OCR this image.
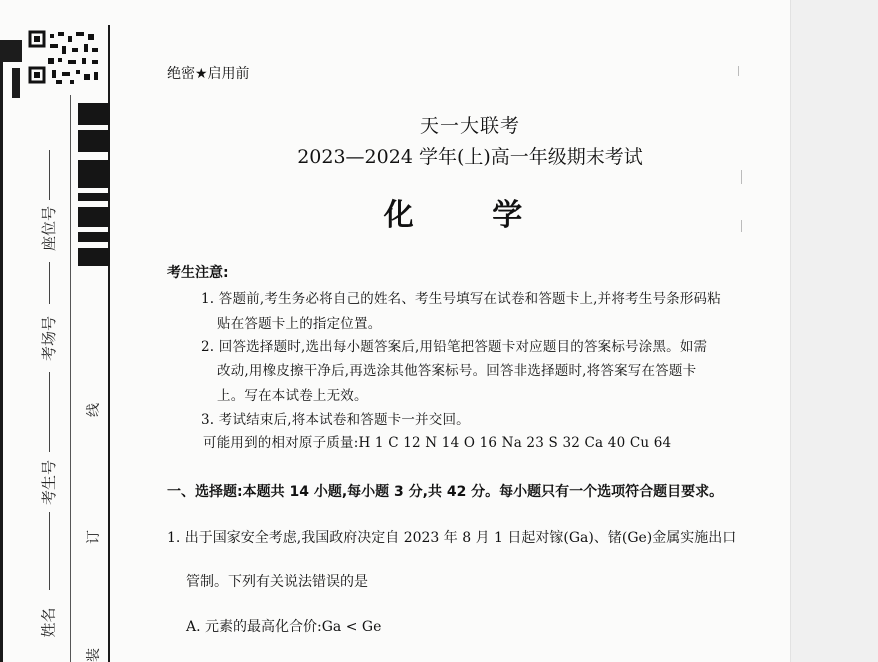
座位号
考场号
考生号
姓名
线
订
装
绝密★启用前
天一大联考
2023—2024 学年(上)高一年级期末考试
化 学
考生注意:
1. 答题前,考生务必将自己的姓名、考生号填写在试卷和答题卡上,并将考生号条形码粘
贴在答题卡上的指定位置。
2. 回答选择题时,选出每小题答案后,用铅笔把答题卡对应题目的答案标号涂黑。如需
改动,用橡皮擦干净后,再选涂其他答案标号。回答非选择题时,将答案写在答题卡
上。写在本试卷上无效。
3. 考试结束后,将本试卷和答题卡一并交回。
可能用到的相对原子质量:H 1 C 12 N 14 O 16 Na 23 S 32 Ca 40 Cu 64
一、选择题:本题共 14 小题,每小题 3 分,共 42 分。每小题只有一个选项符合题目要求。
1. 出于国家安全考虑,我国政府决定自 2023 年 8 月 1 日起对镓(Ga)、锗(Ge)金属实施出口
管制。下列有关说法错误的是
A. 元素的最高化合价:Ga < Ge
